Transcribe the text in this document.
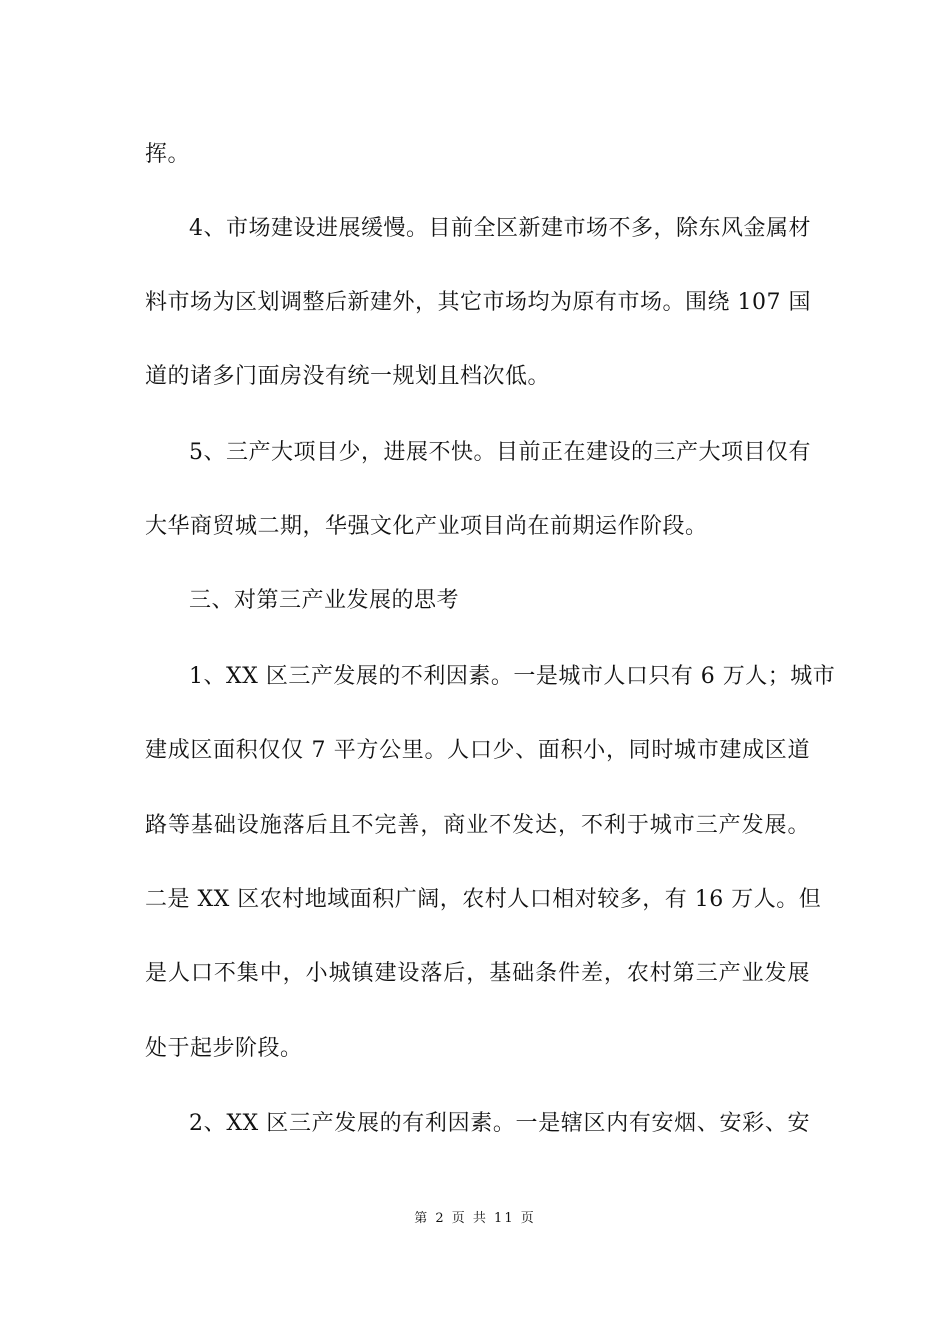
挥。
4、市场建设进展缓慢。目前全区新建市场不多，除东风金属材
料市场为区划调整后新建外，其它市场均为原有市场。围绕 107 国
道的诸多门面房没有统一规划且档次低。
5、三产大项目少，进展不快。目前正在建设的三产大项目仅有
大华商贸城二期，华强文化产业项目尚在前期运作阶段。
三、对第三产业发展的思考
1、XX 区三产发展的不利因素。一是城市人口只有 6 万人；城市
建成区面积仅仅 7 平方公里。人口少、面积小，同时城市建成区道
路等基础设施落后且不完善，商业不发达，不利于城市三产发展。
二是 XX 区农村地域面积广阔，农村人口相对较多，有 16 万人。但
是人口不集中，小城镇建设落后，基础条件差，农村第三产业发展
处于起步阶段。
2、XX 区三产发展的有利因素。一是辖区内有安烟、安彩、安
第 2 页 共 11 页
